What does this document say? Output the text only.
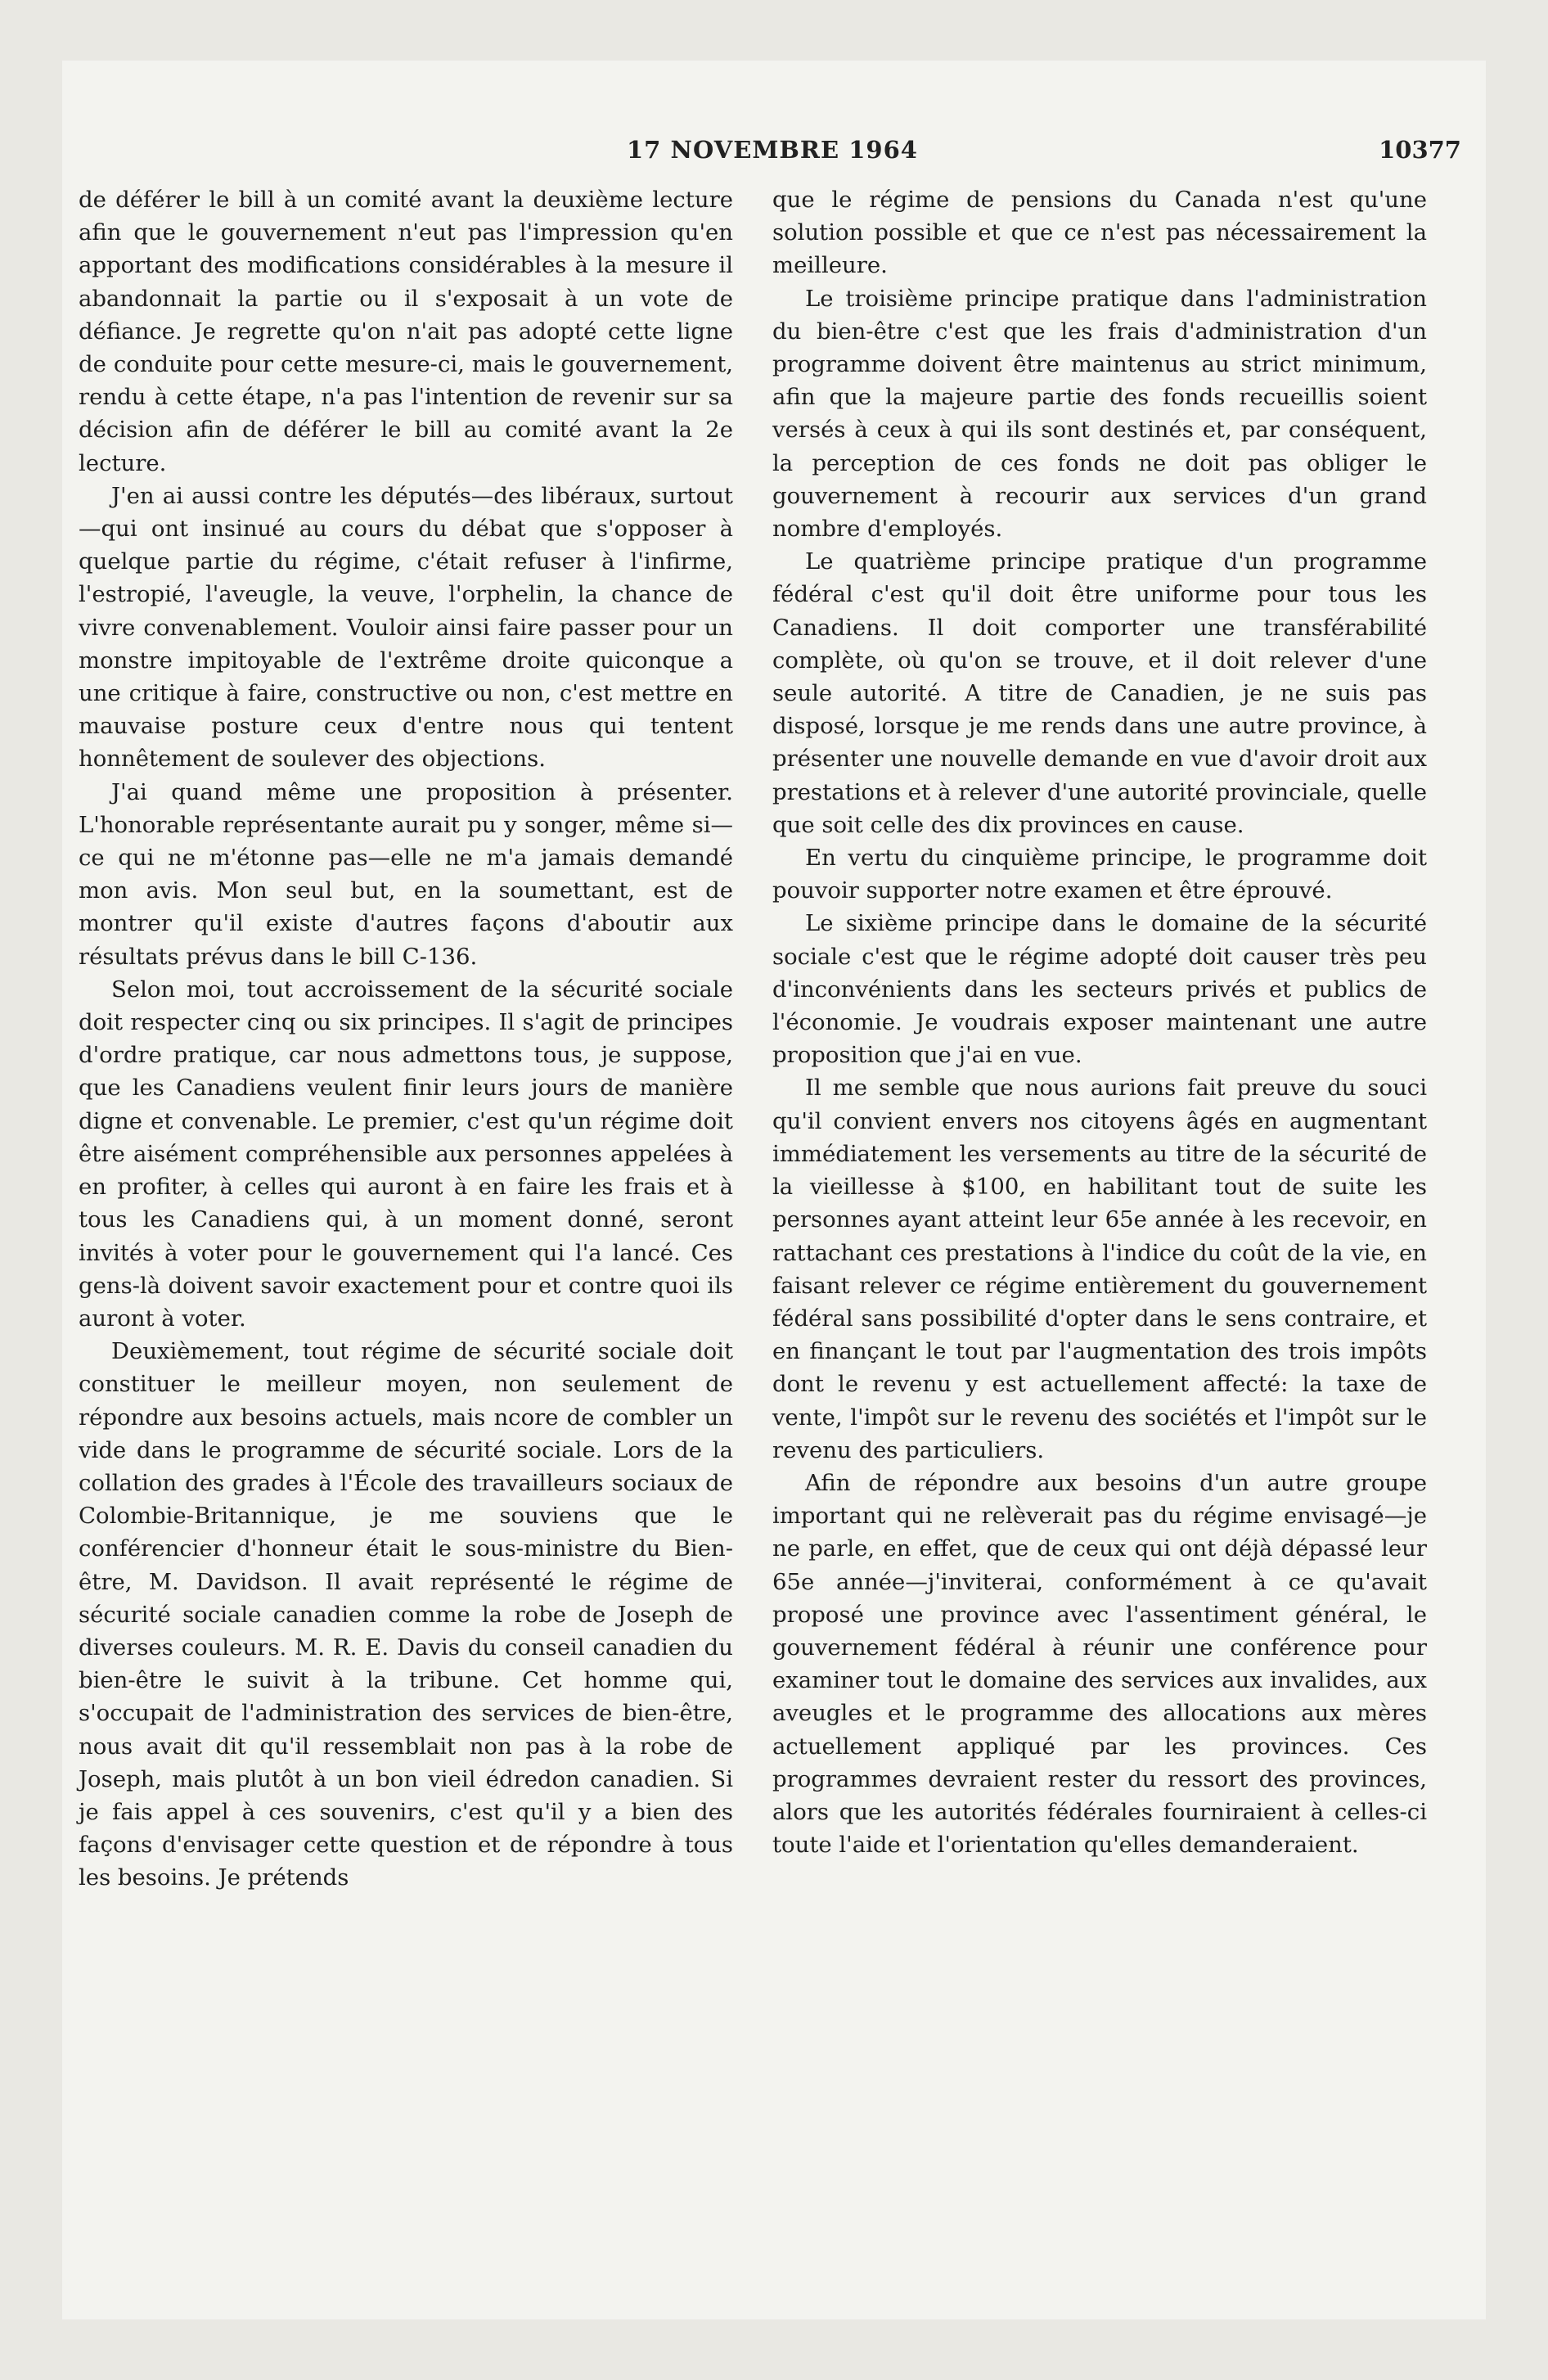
17 NOVEMBRE 1964	10377

de déférer le bill à un comité avant la deuxième lecture afin que le gouvernement n'eut pas l'impression qu'en apportant des modifications considérables à la mesure il abandonnait la partie ou il s'exposait à un vote de défiance. Je regrette qu'on n'ait pas adopté cette ligne de conduite pour cette mesure-ci, mais le gouvernement, rendu à cette étape, n'a pas l'intention de revenir sur sa décision afin de déférer le bill au comité avant la 2e lecture.

J'en ai aussi contre les députés—des libéraux, surtout—qui ont insinué au cours du débat que s'opposer à quelque partie du régime, c'était refuser à l'infirme, l'estropié, l'aveugle, la veuve, l'orphelin, la chance de vivre convenablement. Vouloir ainsi faire passer pour un monstre impitoyable de l'extrême droite quiconque a une critique à faire, constructive ou non, c'est mettre en mauvaise posture ceux d'entre nous qui tentent honnêtement de soulever des objections.

J'ai quand même une proposition à présenter. L'honorable représentante aurait pu y songer, même si—ce qui ne m'étonne pas—elle ne m'a jamais demandé mon avis. Mon seul but, en la soumettant, est de montrer qu'il existe d'autres façons d'aboutir aux résultats prévus dans le bill C-136.

Selon moi, tout accroissement de la sécurité sociale doit respecter cinq ou six principes. Il s'agit de principes d'ordre pratique, car nous admettons tous, je suppose, que les Canadiens veulent finir leurs jours de manière digne et convenable. Le premier, c'est qu'un régime doit être aisément compréhensible aux personnes appelées à en profiter, à celles qui auront à en faire les frais et à tous les Canadiens qui, à un moment donné, seront invités à voter pour le gouvernement qui l'a lancé. Ces gens-là doivent savoir exactement pour et contre quoi ils auront à voter.

Deuxièmement, tout régime de sécurité sociale doit constituer le meilleur moyen, non seulement de répondre aux besoins actuels, mais ncore de combler un vide dans le programme de sécurité sociale. Lors de la collation des grades à l'École des travailleurs sociaux de Colombie-Britannique, je me souviens que le conférencier d'honneur était le sous-ministre du Bien-être, M. Davidson. Il avait représenté le régime de sécurité sociale canadien comme la robe de Joseph de diverses couleurs. M. R. E. Davis du conseil canadien du bien-être le suivit à la tribune. Cet homme qui, s'occupait de l'administration des services de bien-être, nous avait dit qu'il ressemblait non pas à la robe de Joseph, mais plutôt à un bon vieil édredon canadien. Si je fais appel à ces souvenirs, c'est qu'il y a bien des façons d'envisager cette question et de répondre à tous les besoins. Je prétends

que le régime de pensions du Canada n'est qu'une solution possible et que ce n'est pas nécessairement la meilleure.

Le troisième principe pratique dans l'administration du bien-être c'est que les frais d'administration d'un programme doivent être maintenus au strict minimum, afin que la majeure partie des fonds recueillis soient versés à ceux à qui ils sont destinés et, par conséquent, la perception de ces fonds ne doit pas obliger le gouvernement à recourir aux services d'un grand nombre d'employés.

Le quatrième principe pratique d'un programme fédéral c'est qu'il doit être uniforme pour tous les Canadiens. Il doit comporter une transférabilité complète, où qu'on se trouve, et il doit relever d'une seule autorité. A titre de Canadien, je ne suis pas disposé, lorsque je me rends dans une autre province, à présenter une nouvelle demande en vue d'avoir droit aux prestations et à relever d'une autorité provinciale, quelle que soit celle des dix provinces en cause.

En vertu du cinquième principe, le programme doit pouvoir supporter notre examen et être éprouvé.

Le sixième principe dans le domaine de la sécurité sociale c'est que le régime adopté doit causer très peu d'inconvénients dans les secteurs privés et publics de l'économie. Je voudrais exposer maintenant une autre proposition que j'ai en vue.

Il me semble que nous aurions fait preuve du souci qu'il convient envers nos citoyens âgés en augmentant immédiatement les versements au titre de la sécurité de la vieillesse à $100, en habilitant tout de suite les personnes ayant atteint leur 65e année à les recevoir, en rattachant ces prestations à l'indice du coût de la vie, en faisant relever ce régime entièrement du gouvernement fédéral sans possibilité d'opter dans le sens contraire, et en finançant le tout par l'augmentation des trois impôts dont le revenu y est actuellement affecté: la taxe de vente, l'impôt sur le revenu des sociétés et l'impôt sur le revenu des particuliers.

Afin de répondre aux besoins d'un autre groupe important qui ne relèverait pas du régime envisagé—je ne parle, en effet, que de ceux qui ont déjà dépassé leur 65e année—j'inviterai, conformément à ce qu'avait proposé une province avec l'assentiment général, le gouvernement fédéral à réunir une conférence pour examiner tout le domaine des services aux invalides, aux aveugles et le programme des allocations aux mères actuellement appliqué par les provinces. Ces programmes devraient rester du ressort des provinces, alors que les autorités fédérales fourniraient à celles-ci toute l'aide et l'orientation qu'elles demanderaient.
